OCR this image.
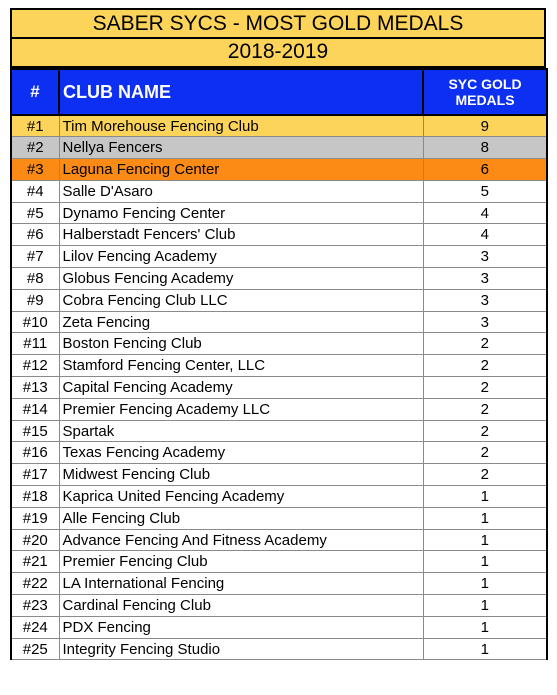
SABER SYCS - MOST GOLD MEDALS
2018-2019
#	CLUB NAME	SYC GOLD
MEDALS
#1	Tim Morehouse Fencing Club	9
#2	Nellya Fencers	8
#3	Laguna Fencing Center	6
#4	Salle D'Asaro	5
#5	Dynamo Fencing Center	4
#6	Halberstadt Fencers' Club	4
#7	Lilov Fencing Academy	3
#8	Globus Fencing Academy	3
#9	Cobra Fencing Club LLC	3
#10	Zeta Fencing	3
#11	Boston Fencing Club	2
#12	Stamford Fencing Center, LLC	2
#13	Capital Fencing Academy	2
#14	Premier Fencing Academy LLC	2
#15	Spartak	2
#16	Texas Fencing Academy	2
#17	Midwest Fencing Club	2
#18	Kaprica United Fencing Academy	1
#19	Alle Fencing Club	1
#20	Advance Fencing And Fitness Academy	1
#21	Premier Fencing Club	1
#22	LA International Fencing	1
#23	Cardinal Fencing Club	1
#24	PDX Fencing	1
#25	Integrity Fencing Studio	1
